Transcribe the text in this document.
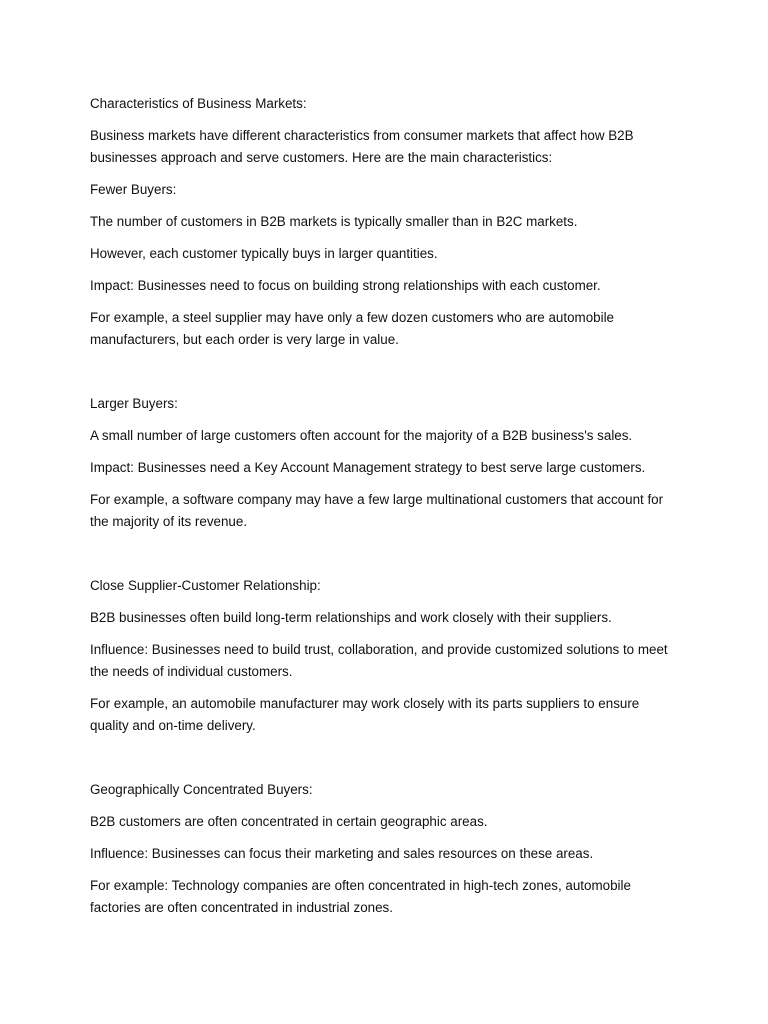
Characteristics of Business Markets:

Business markets have different characteristics from consumer markets that affect how B2B businesses approach and serve customers. Here are the main characteristics:

Fewer Buyers:

The number of customers in B2B markets is typically smaller than in B2C markets.

However, each customer typically buys in larger quantities.

Impact: Businesses need to focus on building strong relationships with each customer.

For example, a steel supplier may have only a few dozen customers who are automobile manufacturers, but each order is very large in value.

Larger Buyers:

A small number of large customers often account for the majority of a B2B business's sales.

Impact: Businesses need a Key Account Management strategy to best serve large customers.

For example, a software company may have a few large multinational customers that account for the majority of its revenue.

Close Supplier-Customer Relationship:

B2B businesses often build long-term relationships and work closely with their suppliers.

Influence: Businesses need to build trust, collaboration, and provide customized solutions to meet the needs of individual customers.

For example, an automobile manufacturer may work closely with its parts suppliers to ensure quality and on-time delivery.

Geographically Concentrated Buyers:

B2B customers are often concentrated in certain geographic areas.

Influence: Businesses can focus their marketing and sales resources on these areas.

For example: Technology companies are often concentrated in high-tech zones, automobile factories are often concentrated in industrial zones.
